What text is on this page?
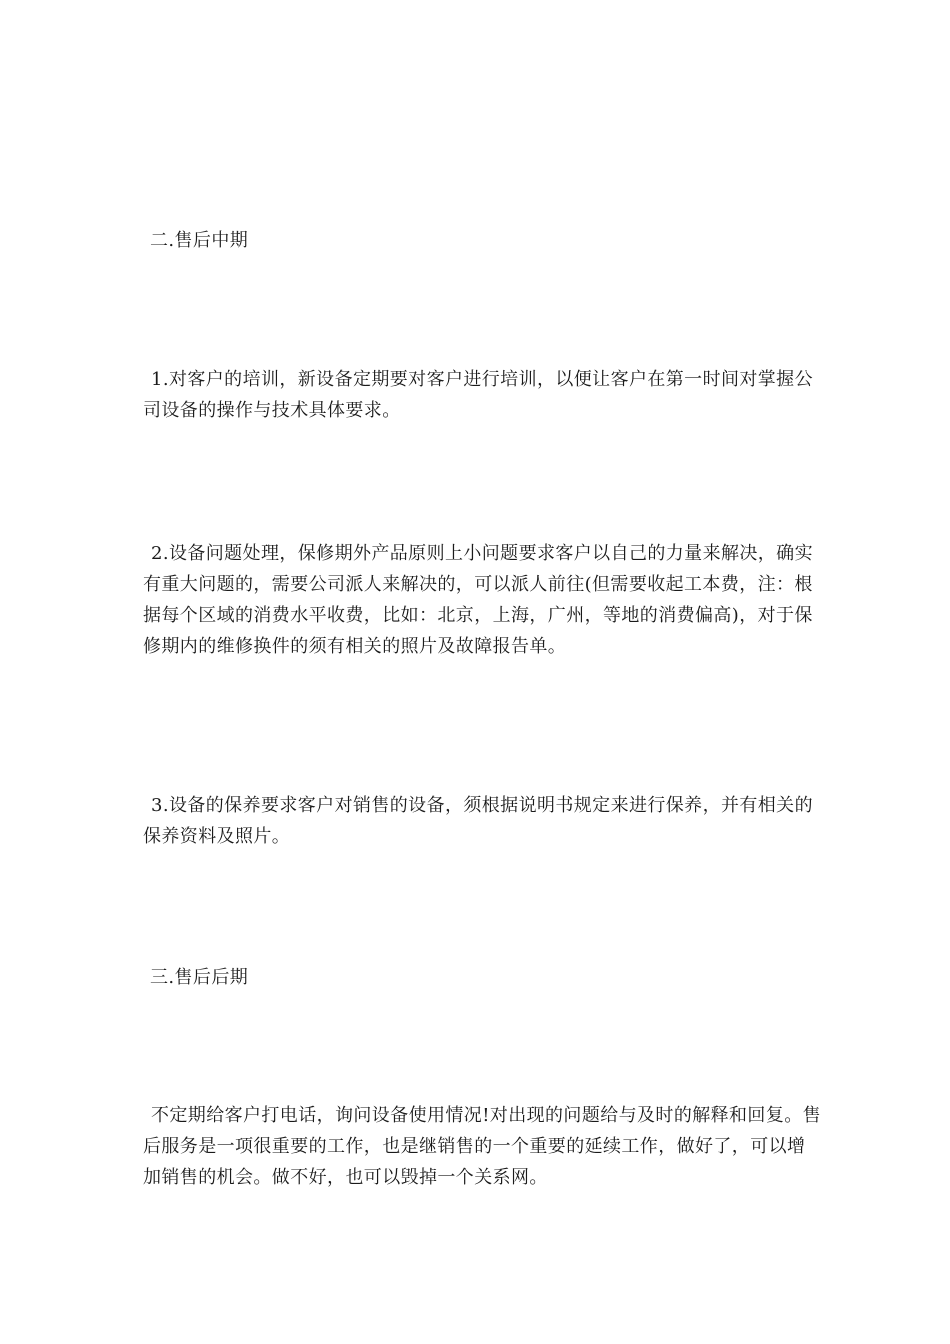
二.售后中期
1.对客户的培训，新设备定期要对客户进行培训，以便让客户在第一时间对掌握公司设备的操作与技术具体要求。
2.设备问题处理，保修期外产品原则上小问题要求客户以自己的力量来解决，确实有重大问题的，需要公司派人来解决的，可以派人前往(但需要收起工本费，注：根据每个区域的消费水平收费，比如：北京，上海，广州，等地的消费偏高)，对于保修期内的维修换件的须有相关的照片及故障报告单。
3.设备的保养要求客户对销售的设备，须根据说明书规定来进行保养，并有相关的保养资料及照片。
三.售后后期
不定期给客户打电话，询问设备使用情况!对出现的问题给与及时的解释和回复。售后服务是一项很重要的工作，也是继销售的一个重要的延续工作，做好了，可以增加销售的机会。做不好，也可以毁掉一个关系网。
